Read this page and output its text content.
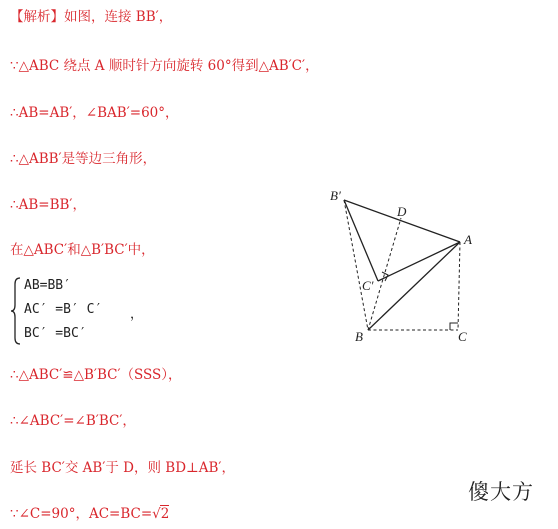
【解析】如图，连接 BB′，
∵△ABC 绕点 A 顺时针方向旋转 60°得到△AB′C′，
∴AB=AB′，∠BAB′=60°，
∴△ABB′是等边三角形，
∴AB=BB′，
在△ABC′和△B′BC′中，
AB=BB′
AC′ =B′ C′
BC′ =BC′
，
∴△ABC′≌△B′BC′（SSS），
∴∠ABC′=∠B′BC′，
延长 BC′交 AB′于 D，则 BD⊥AB′，
∵∠C=90°，AC=BC=√2
B′
D
A
C′
B	C
傻大方
